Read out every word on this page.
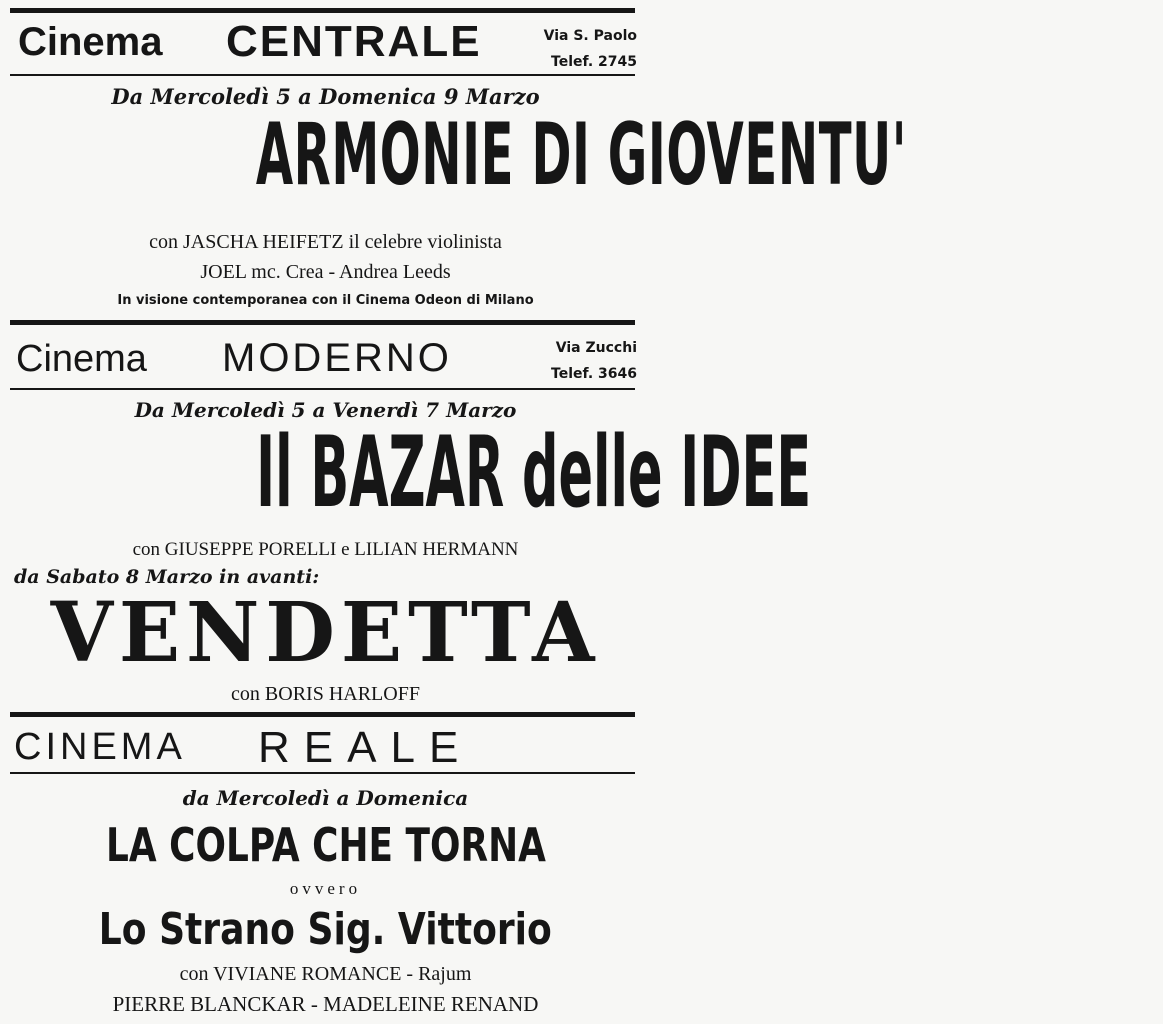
Cinema CENTRALE	Via S. Paolo
Telef. 2745
Da Mercoledì 5 a Domenica 9 Marzo
ARMONIE DI GIOVENTU'
con JASCHA HEIFETZ il celebre violinista
JOEL mc. Crea - Andrea Leeds
In visione contemporanea con il Cinema Odeon di Milano
Cinema MODERNO	Via Zucchi
Telef. 3646
Da Mercoledì 5 a Venerdì 7 Marzo
Il BAZAR delle IDEE
con GIUSEPPE PORELLI e LILIAN HERMANN
da Sabato 8 Marzo in avanti:
VENDETTA
con BORIS HARLOFF
CINEMA REALE
da Mercoledì a Domenica
LA COLPA CHE TORNA
ovvero
Lo Strano Sig. Vittorio
con VIVIANE ROMANCE - Rajum
PIERRE BLANCKAR - MADELEINE RENAND
